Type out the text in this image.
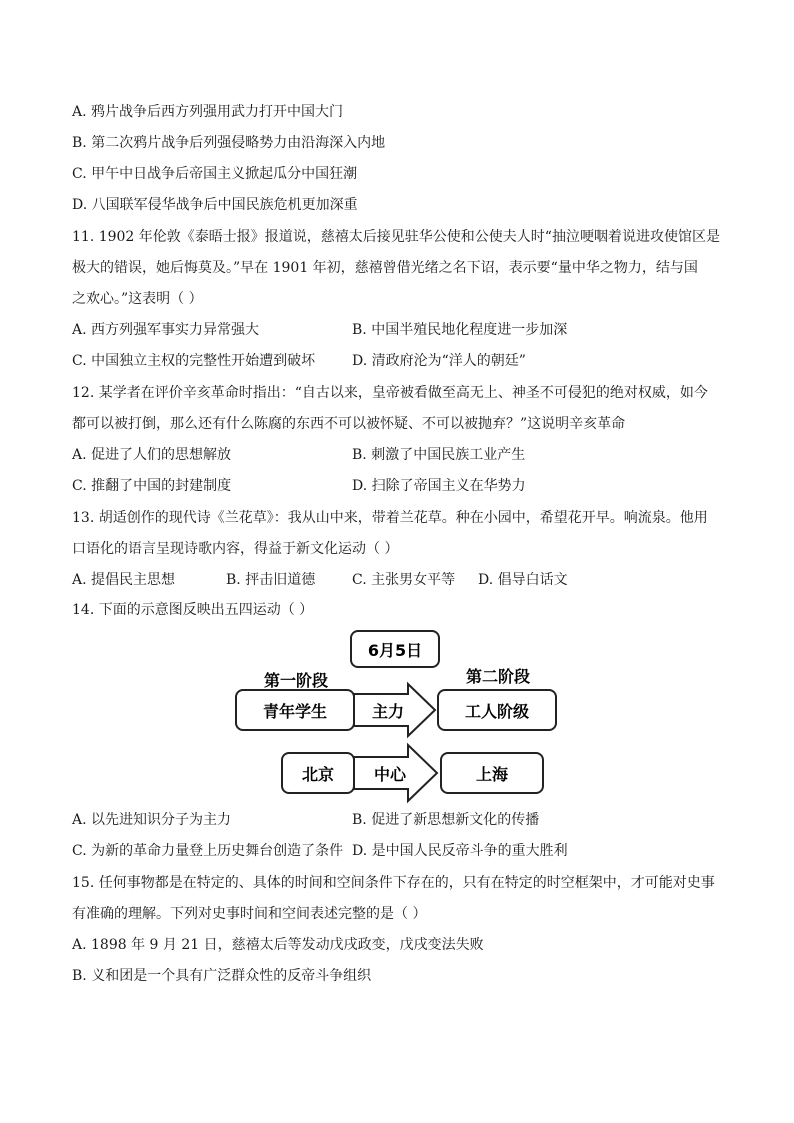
A. 鸦片战争后西方列强用武力打开中国大门
B. 第二次鸦片战争后列强侵略势力由沿海深入内地
C. 甲午中日战争后帝国主义掀起瓜分中国狂潮
D. 八国联军侵华战争后中国民族危机更加深重
11. 1902 年伦敦《泰晤士报》报道说，慈禧太后接见驻华公使和公使夫人时“抽泣哽咽着说进攻使馆区是
极大的错误，她后悔莫及。”早在 1901 年初，慈禧曾借光绪之名下诏，表示要“量中华之物力，结与国
之欢心。”这表明（ ）
A. 西方列强军事实力异常强大	B. 中国半殖民地化程度进一步加深
C. 中国独立主权的完整性开始遭到破坏	D. 清政府沦为“洋人的朝廷”
12. 某学者在评价辛亥革命时指出：“自古以来，皇帝被看做至高无上、神圣不可侵犯的绝对权威，如今
都可以被打倒，那么还有什么陈腐的东西不可以被怀疑、不可以被抛弃？”这说明辛亥革命
A. 促进了人们的思想解放	B. 刺激了中国民族工业产生
C. 推翻了中国的封建制度	D. 扫除了帝国主义在华势力
13. 胡适创作的现代诗《兰花草》：我从山中来，带着兰花草。种在小园中，希望花开早。响流泉。他用
口语化的语言呈现诗歌内容，得益于新文化运动（ ）
A. 提倡民主思想	B. 抨击旧道德	C. 主张男女平等 D. 倡导白话文
14. 下面的示意图反映出五四运动（ ）
6月5日
第一阶段	第二阶段
青年学生	主力	工人阶级
北京 中心	上海
A. 以先进知识分子为主力	B. 促进了新思想新文化的传播
C. 为新的革命力量登上历史舞台创造了条件 D. 是中国人民反帝斗争的重大胜利
15. 任何事物都是在特定的、具体的时间和空间条件下存在的，只有在特定的时空框架中，才可能对史事
有准确的理解。下列对史事时间和空间表述完整的是（ ）
A. 1898 年 9 月 21 日，慈禧太后等发动戊戌政变，戊戌变法失败
B. 义和团是一个具有广泛群众性的反帝斗争组织
